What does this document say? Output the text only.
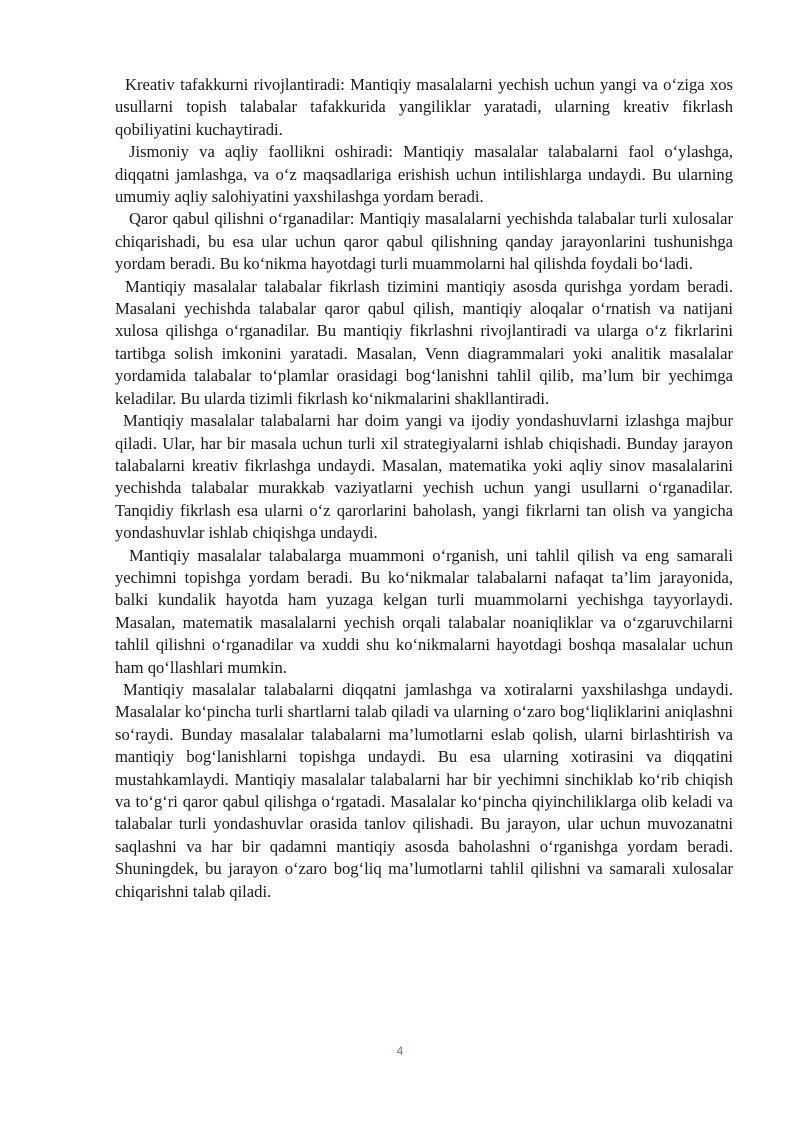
Kreativ tafakkurni rivojlantiradi: Mantiqiy masalalarni yechish uchun yangi va o‘ziga xos usullarni topish talabalar tafakkurida yangiliklar yaratadi, ularning kreativ fikrlash qobiliyatini kuchaytiradi.

Jismoniy va aqliy faollikni oshiradi: Mantiqiy masalalar talabalarni faol o‘ylashga, diqqatni jamlashga, va o‘z maqsadlariga erishish uchun intilishlarga undaydi. Bu ularning umumiy aqliy salohiyatini yaxshilashga yordam beradi.

Qaror qabul qilishni o‘rganadilar: Mantiqiy masalalarni yechishda talabalar turli xulosalar chiqarishadi, bu esa ular uchun qaror qabul qilishning qanday jarayonlarini tushunishga yordam beradi. Bu ko‘nikma hayotdagi turli muammolarni hal qilishda foydali bo‘ladi.

Mantiqiy masalalar talabalar fikrlash tizimini mantiqiy asosda qurishga yordam beradi. Masalani yechishda talabalar qaror qabul qilish, mantiqiy aloqalar o‘rnatish va natijani xulosa qilishga o‘rganadilar. Bu mantiqiy fikrlashni rivojlantiradi va ularga o‘z fikrlarini tartibga solish imkonini yaratadi. Masalan, Venn diagrammalari yoki analitik masalalar yordamida talabalar to‘plamlar orasidagi bog‘lanishni tahlil qilib, ma’lum bir yechimga keladilar. Bu ularda tizimli fikrlash ko‘nikmalarini shakllantiradi.

Mantiqiy masalalar talabalarni har doim yangi va ijodiy yondashuvlarni izlashga majbur qiladi. Ular, har bir masala uchun turli xil strategiyalarni ishlab chiqishadi. Bunday jarayon talabalarni kreativ fikrlashga undaydi. Masalan, matematika yoki aqliy sinov masalalarini yechishda talabalar murakkab vaziyatlarni yechish uchun yangi usullarni o‘rganadilar. Tanqidiy fikrlash esa ularni o‘z qarorlarini baholash, yangi fikrlarni tan olish va yangicha yondashuvlar ishlab chiqishga undaydi.

Mantiqiy masalalar talabalarga muammoni o‘rganish, uni tahlil qilish va eng samarali yechimni topishga yordam beradi. Bu ko‘nikmalar talabalarni nafaqat ta’lim jarayonida, balki kundalik hayotda ham yuzaga kelgan turli muammolarni yechishga tayyorlaydi. Masalan, matematik masalalarni yechish orqali talabalar noaniqliklar va o‘zgaruvchilarni tahlil qilishni o‘rganadilar va xuddi shu ko‘nikmalarni hayotdagi boshqa masalalar uchun ham qo‘llashlari mumkin.

Mantiqiy masalalar talabalarni diqqatni jamlashga va xotiralarni yaxshilashga undaydi. Masalalar ko‘pincha turli shartlarni talab qiladi va ularning o‘zaro bog‘liqliklarini aniqlashni so‘raydi. Bunday masalalar talabalarni ma’lumotlarni eslab qolish, ularni birlashtirish va mantiqiy bog‘lanishlarni topishga undaydi. Bu esa ularning xotirasini va diqqatini mustahkamlaydi. Mantiqiy masalalar talabalarni har bir yechimni sinchiklab ko‘rib chiqish va to‘g‘ri qaror qabul qilishga o‘rgatadi. Masalalar ko‘pincha qiyinchiliklarga olib keladi va talabalar turli yondashuvlar orasida tanlov qilishadi. Bu jarayon, ular uchun muvozanatni saqlashni va har bir qadamni mantiqiy asosda baholashni o‘rganishga yordam beradi. Shuningdek, bu jarayon o‘zaro bog‘liq ma’lumotlarni tahlil qilishni va samarali xulosalar chiqarishni talab qiladi.

4
